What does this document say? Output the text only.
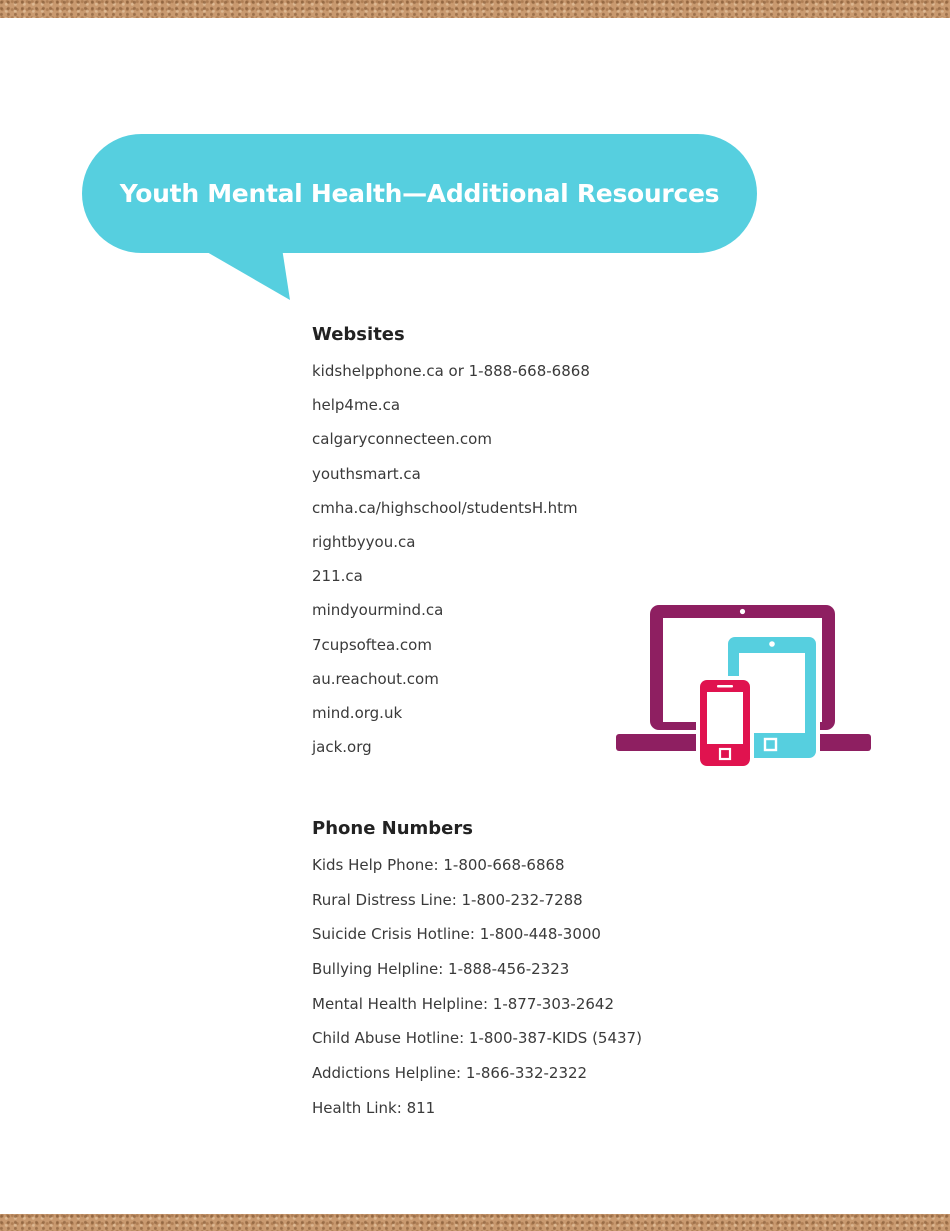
Youth Mental Health—Additional Resources
Websites
kidshelpphone.ca or 1-888-668-6868
help4me.ca
calgaryconnecteen.com
youthsmart.ca
cmha.ca/highschool/studentsH.htm
rightbyyou.ca
211.ca
mindyourmind.ca
7cupsoftea.com
au.reachout.com
mind.org.uk
jack.org
Phone Numbers
Kids Help Phone: 1-800-668-6868
Rural Distress Line: 1-800-232-7288
Suicide Crisis Hotline: 1-800-448-3000
Bullying Helpline: 1-888-456-2323
Mental Health Helpline: 1-877-303-2642
Child Abuse Hotline: 1-800-387-KIDS (5437)
Addictions Helpline: 1-866-332-2322
Health Link: 811
